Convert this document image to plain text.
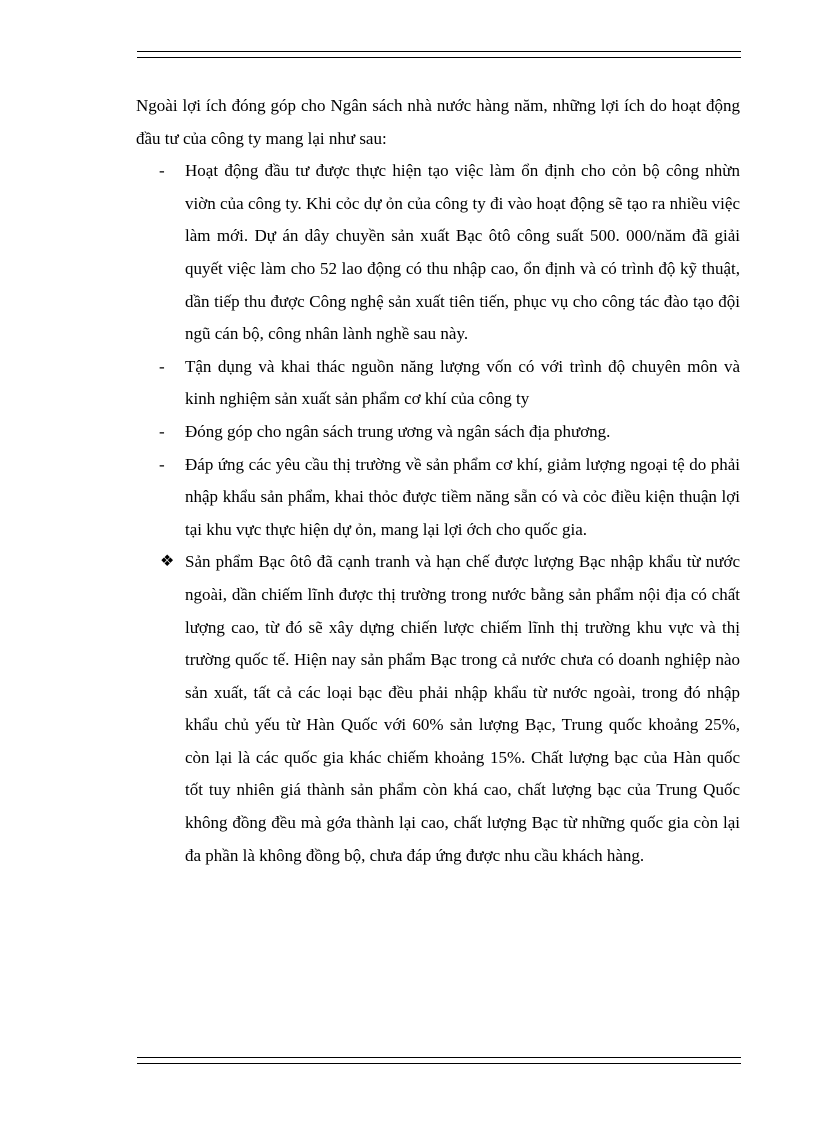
Ngoài lợi ích đóng góp cho Ngân sách nhà nước hàng năm, những lợi ích do hoạt động đầu tư của công ty mang lại như sau:

- Hoạt động đầu tư được thực hiện tạo việc làm ổn định cho cỏn bộ công nhừn viờn của công ty. Khi cỏc dự ỏn của công ty đi vào hoạt động sẽ tạo ra nhiều việc làm mới. Dự án dây chuyền sản xuất Bạc ôtô công suất 500. 000/năm đã giải quyết việc làm cho 52 lao động có thu nhập cao, ổn định và có trình độ kỹ thuật, dần tiếp thu được Công nghệ sản xuất tiên tiến, phục vụ cho công tác đào tạo đội ngũ cán bộ, công nhân lành nghề sau này.

- Tận dụng và khai thác nguồn năng lượng vốn có với trình độ chuyên môn và kinh nghiệm sản xuất sản phẩm cơ khí của công ty

- Đóng góp cho ngân sách trung ương và ngân sách địa phương.

- Đáp ứng các yêu cầu thị trường về sản phẩm cơ khí, giảm lượng ngoại tệ do phải nhập khẩu sản phẩm, khai thỏc được tiềm năng sẵn có và cỏc điều kiện thuận lợi tại khu vực thực hiện dự ỏn, mang lại lợi ớch cho quốc gia.

❖ Sản phẩm Bạc ôtô đã cạnh tranh và hạn chế được lượng Bạc nhập khẩu từ nước ngoài, dần chiếm lĩnh được thị trường trong nước bằng sản phẩm nội địa có chất lượng cao, từ đó sẽ xây dựng chiến lược chiếm lĩnh thị trường khu vực và thị trường quốc tế. Hiện nay sản phẩm Bạc trong cả nước chưa có doanh nghiệp nào sản xuất, tất cả các loại bạc đều phải nhập khẩu từ nước ngoài, trong đó nhập khẩu chủ yếu từ Hàn Quốc với 60% sản lượng Bạc, Trung quốc khoảng 25%, còn lại là các quốc gia khác chiếm khoảng 15%. Chất lượng bạc của Hàn quốc tốt tuy nhiên giá thành sản phẩm còn khá cao, chất lượng bạc của Trung Quốc không đồng đều mà gớa thành lại cao, chất lượng Bạc từ những quốc gia còn lại đa phần là không đồng bộ, chưa đáp ứng được nhu cầu khách hàng.
